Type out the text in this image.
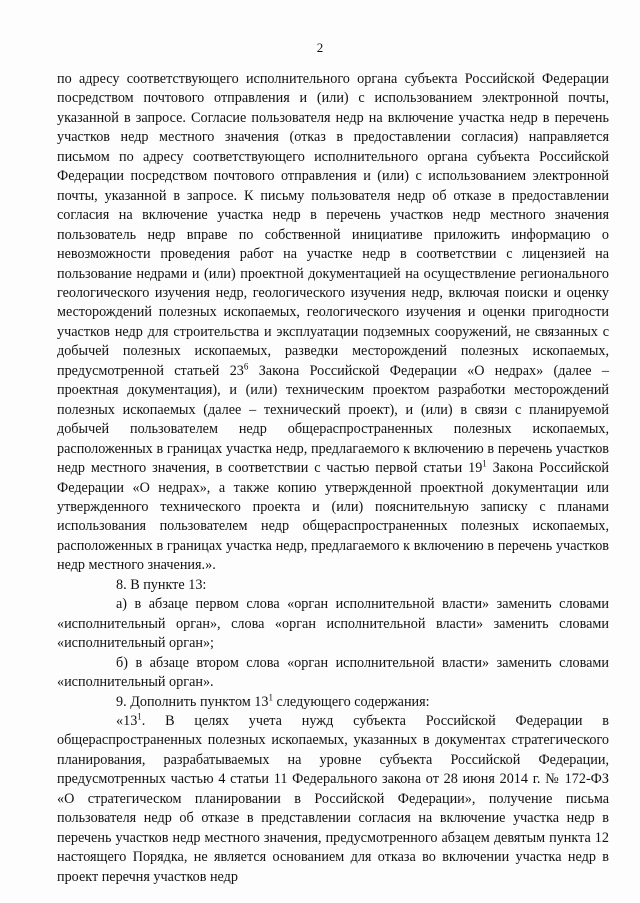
2

по адресу соответствующего исполнительного органа субъекта Российской Федерации посредством почтового отправления и (или) с использованием электронной почты, указанной в запросе. Согласие пользователя недр на включение участка недр в перечень участков недр местного значения (отказ в предоставлении согласия) направляется письмом по адресу соответствующего исполнительного органа субъекта Российской Федерации посредством почтового отправления и (или) с использованием электронной почты, указанной в запросе. К письму пользователя недр об отказе в предоставлении согласия на включение участка недр в перечень участков недр местного значения пользователь недр вправе по собственной инициативе приложить информацию о невозможности проведения работ на участке недр в соответствии с лицензией на пользование недрами и (или) проектной документацией на осуществление регионального геологического изучения недр, геологического изучения недр, включая поиски и оценку месторождений полезных ископаемых, геологического изучения и оценки пригодности участков недр для строительства и эксплуатации подземных сооружений, не связанных с добычей полезных ископаемых, разведки месторождений полезных ископаемых, предусмотренной статьей $23^6$ Закона Российской Федерации «О недрах» (далее – проектная документация), и (или) техническим проектом разработки месторождений полезных ископаемых (далее – технический проект), и (или) в связи с планируемой добычей пользователем недр общераспространенных полезных ископаемых, расположенных в границах участка недр, предлагаемого к включению в перечень участков недр местного значения, в соответствии с частью первой статьи $19^1$ Закона Российской Федерации «О недрах», а также копию утвержденной проектной документации или утвержденного технического проекта и (или) пояснительную записку с планами использования пользователем недр общераспространенных полезных ископаемых, расположенных в границах участка недр, предлагаемого к включению в перечень участков недр местного значения.».

8. В пункте 13:

а) в абзаце первом слова «орган исполнительной власти» заменить словами «исполнительный орган», слова «орган исполнительной власти» заменить словами «исполнительный орган»;

б) в абзаце втором слова «орган исполнительной власти» заменить словами «исполнительный орган».

9. Дополнить пунктом $13^1$ следующего содержания:

«$13^1$. В целях учета нужд субъекта Российской Федерации в общераспространенных полезных ископаемых, указанных в документах стратегического планирования, разрабатываемых на уровне субъекта Российской Федерации, предусмотренных частью 4 статьи 11 Федерального закона от 28 июня 2014 г. № 172-ФЗ «О стратегическом планировании в Российской Федерации», получение письма пользователя недр об отказе в представлении согласия на включение участка недр в перечень участков недр местного значения, предусмотренного абзацем девятым пункта 12 настоящего Порядка, не является основанием для отказа во включении участка недр в проект перечня участков недр
